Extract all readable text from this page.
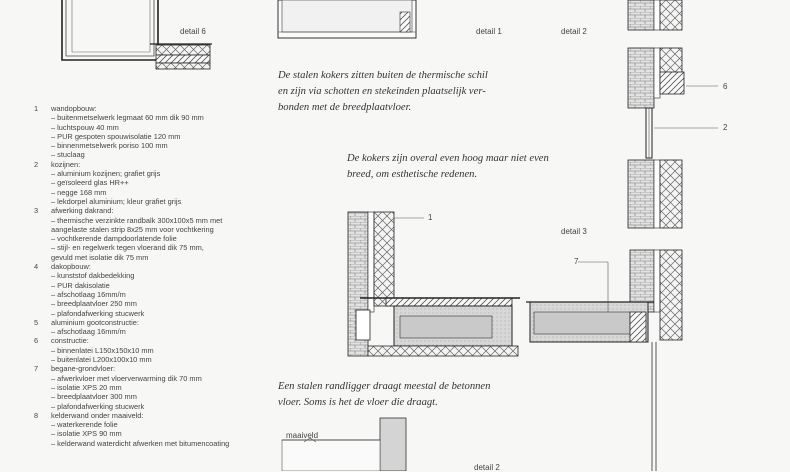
detail 6	detail 1	detail 2
detail 3
detail 2
maaiveld
6
2
1
7
De stalen kokers zitten buiten de thermische schil
en zijn via schotten en stekeinden plaatselijk ver-
bonden met de breedplaatvloer.
De kokers zijn overal even hoog maar niet even
breed, om esthetische redenen.
Een stalen randligger draagt meestal de betonnen
vloer. Soms is het de vloer die draagt.
1	wandopbouw:
– buitenmetselwerk legmaat 60 mm dik 90 mm
– luchtspouw 40 mm
– PUR gespoten spouwisolatie 120 mm
– binnenmetselwerk poriso 100 mm
– stuclaag
2	kozijnen:
– aluminium kozijnen; grafiet grijs
– geïsoleerd glas HR++
– negge 168 mm
– lekdorpel aluminium; kleur grafiet grijs
3	afwerking dakrand:
– thermische verzinkte randbalk 300x100x5 mm met
aangelaste stalen strip 8x25 mm voor vochtkering
– vochtkerende dampdoorlatende folie
– stijl- en regelwerk tegen vloerand dik 75 mm,
gevuld met isolatie dik 75 mm
4	dakopbouw:
– kunststof dakbedekking
– PUR dakisolatie
– afschotlaag 16mm/m
– breedplaatvloer 250 mm
– plafondafwerking stucwerk
5	aluminium gootconstructie:
– afschotlaag 16mm/m
6	constructie:
– binnenlatei L150x150x10 mm
– buitenlatei L200x100x10 mm
7	begane-grondvloer:
– afwerkvloer met vloerverwarming dik 70 mm
– isolatie XPS 20 mm
– breedplaatvloer 300 mm
– plafondafwerking stucwerk
8	kelderwand onder maaiveld:
– waterkerende folie
– isolatie XPS 90 mm
– kelderwand waterdicht afwerken met bitumencoating
